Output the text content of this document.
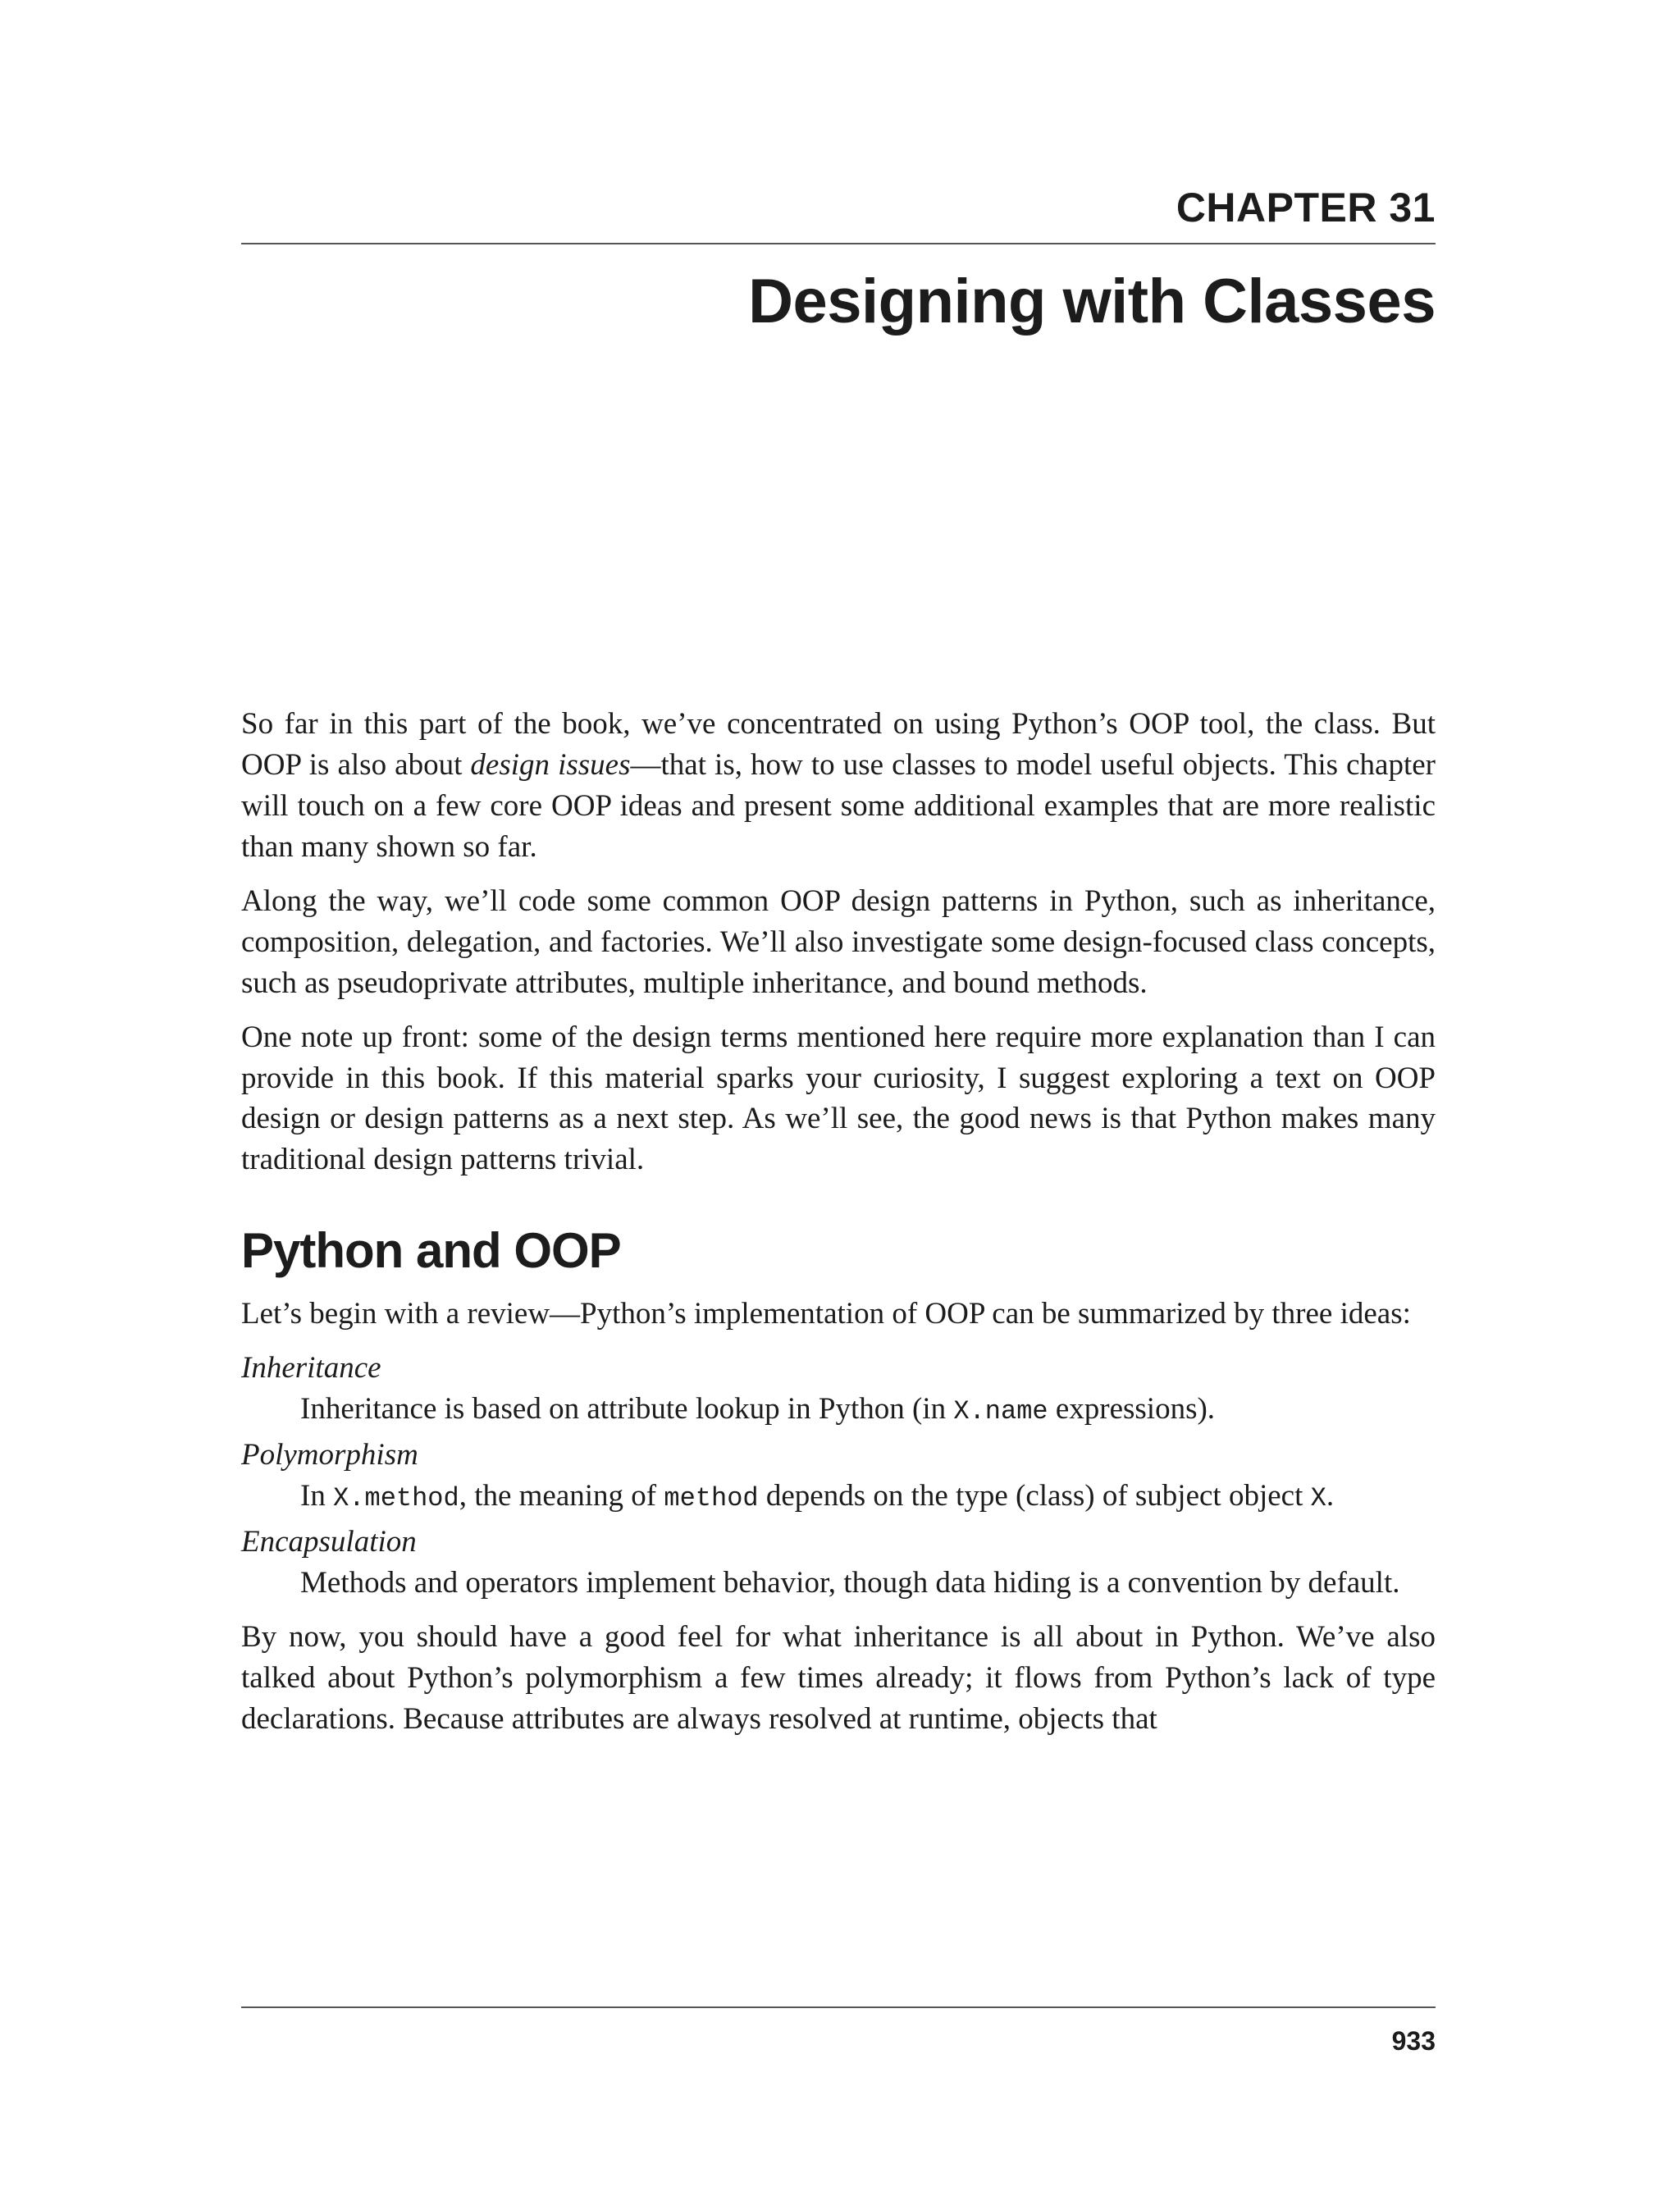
CHAPTER 31
Designing with Classes

So far in this part of the book, we’ve concentrated on using Python’s OOP tool, the class. But OOP is also about design issues—that is, how to use classes to model useful objects. This chapter will touch on a few core OOP ideas and present some additional examples that are more realistic than many shown so far.

Along the way, we’ll code some common OOP design patterns in Python, such as inheritance, composition, delegation, and factories. We’ll also investigate some design-focused class concepts, such as pseudoprivate attributes, multiple inheritance, and bound methods.

One note up front: some of the design terms mentioned here require more explanation than I can provide in this book. If this material sparks your curiosity, I suggest exploring a text on OOP design or design patterns as a next step. As we’ll see, the good news is that Python makes many traditional design patterns trivial.

Python and OOP

Let’s begin with a review—Python’s implementation of OOP can be summarized by three ideas:

Inheritance
Inheritance is based on attribute lookup in Python (in X.name expressions).
Polymorphism
In X.method, the meaning of method depends on the type (class) of subject object X.
Encapsulation
Methods and operators implement behavior, though data hiding is a convention by default.

By now, you should have a good feel for what inheritance is all about in Python. We’ve also talked about Python’s polymorphism a few times already; it flows from Python’s lack of type declarations. Because attributes are always resolved at runtime, objects that

933
